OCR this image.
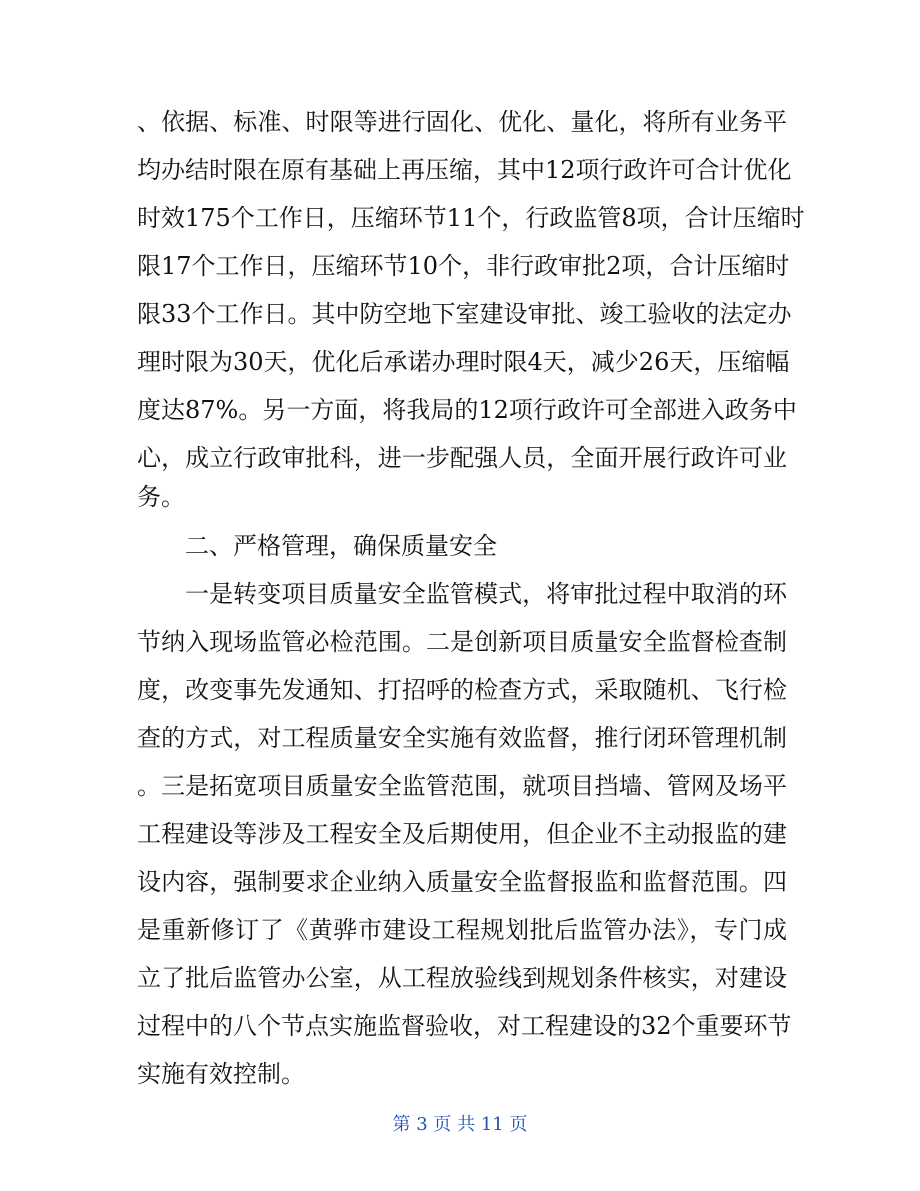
、依据、标准、时限等进行固化、优化、量化，将所有业务平
均办结时限在原有基础上再压缩，其中12项行政许可合计优化
时效175个工作日，压缩环节11个，行政监管8项，合计压缩时
限17个工作日，压缩环节10个，非行政审批2项，合计压缩时
限33个工作日。其中防空地下室建设审批、竣工验收的法定办
理时限为30天，优化后承诺办理时限4天，减少26天，压缩幅
度达87%。另一方面，将我局的12项行政许可全部进入政务中
心，成立行政审批科，进一步配强人员，全面开展行政许可业
务。
二、严格管理，确保质量安全
一是转变项目质量安全监管模式，将审批过程中取消的环
节纳入现场监管必检范围。二是创新项目质量安全监督检查制
度，改变事先发通知、打招呼的检查方式，采取随机、飞行检
查的方式，对工程质量安全实施有效监督，推行闭环管理机制
。三是拓宽项目质量安全监管范围，就项目挡墙、管网及场平
工程建设等涉及工程安全及后期使用，但企业不主动报监的建
设内容，强制要求企业纳入质量安全监督报监和监督范围。四
是重新修订了《黄骅市建设工程规划批后监管办法》，专门成
立了批后监管办公室，从工程放验线到规划条件核实，对建设
过程中的八个节点实施监督验收，对工程建设的32个重要环节
实施有效控制。
第 3 页 共 11 页
